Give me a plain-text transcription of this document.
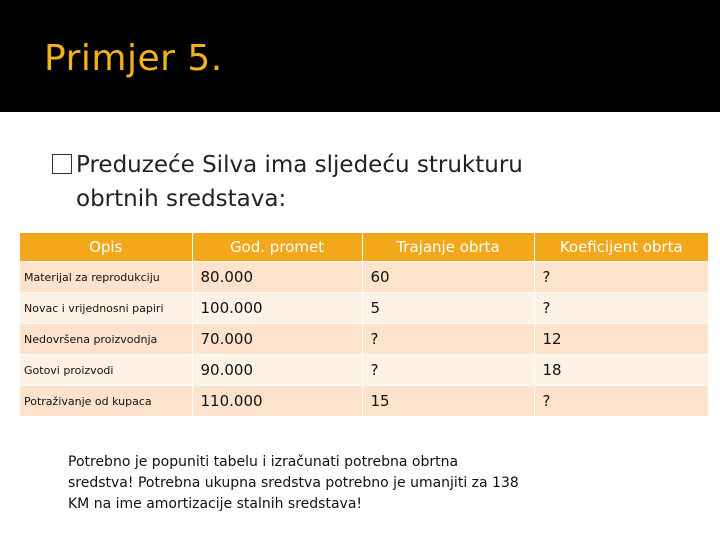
Primjer 5.
Preduzeće Silva ima sljedeću strukturu
obrtnih sredstava:
Opis	God. promet	Trajanje obrta	Koeficijent obrta
Materijal za reprodukciju	80.000	60	?
Novac i vrijednosni papiri	100.000	5	?
Nedovršena proizvodnja	70.000	?	12
Gotovi proizvodi	90.000	?	18
Potraživanje od kupaca	110.000	15	?
Potrebno je popuniti tabelu i izračunati potrebna obrtna sredstva! Potrebna ukupna sredstva potrebno je umanjiti za 138 KM na ime amortizacije stalnih sredstava!
